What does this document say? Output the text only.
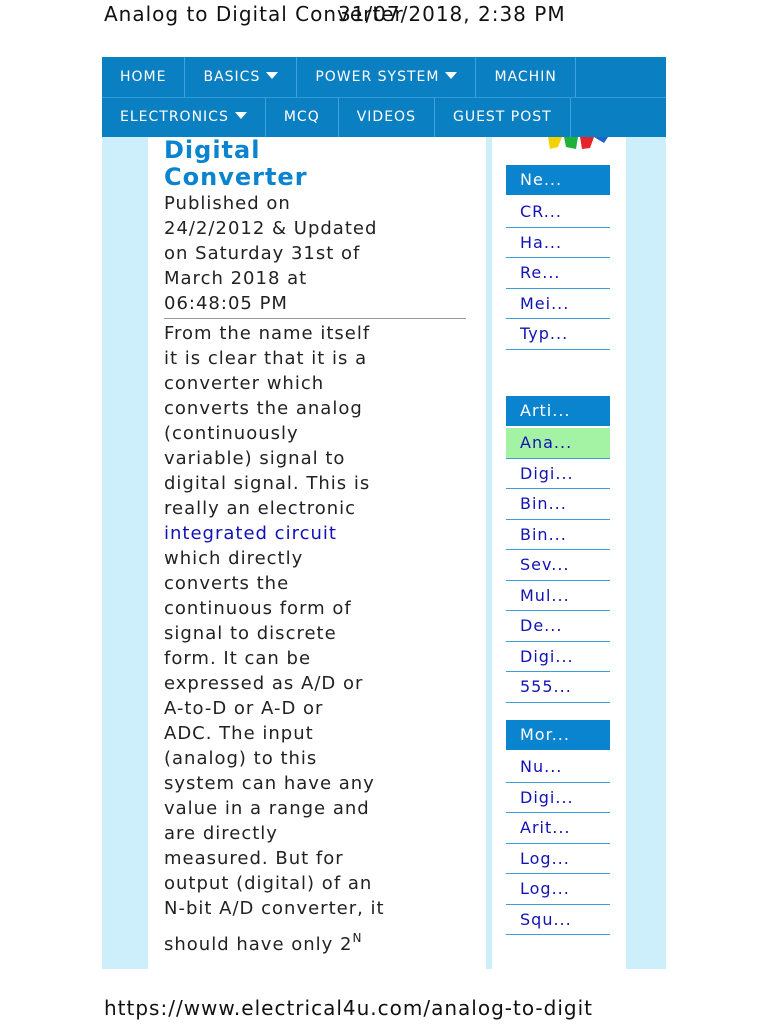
Analog to Digital Converter
31/07/2018, 2:38 PM
HOME	BASICS	POWER SYSTEM	MACHIN
ELECTRONICS	MCQ	VIDEOS	GUEST POST
Digital
Converter
Published on
24/2/2012 & Updated
on Saturday 31st of
March 2018 at
06:48:05 PM
From the name itself
it is clear that it is a
converter which
converts the analog
(continuously
variable) signal to
digital signal. This is
really an electronic
integrated circuit
which directly
converts the
continuous form of
signal to discrete
form. It can be
expressed as A/D or
A-to-D or A-D or
ADC. The input
(analog) to this
system can have any
value in a range and
are directly
measured. But for
output (digital) of an
N-bit A/D converter, it
should have only $2^N$
Ne...
CR...
Ha...
Re...
Mei...
Typ...
Arti...
Ana...
Digi...
Bin...
Bin...
Sev...
Mul...
De...
Digi...
555...
Mor...
Nu...
Digi...
Arit...
Log...
Log...
Squ...
https://www.electrical4u.com/analog-to-digit
